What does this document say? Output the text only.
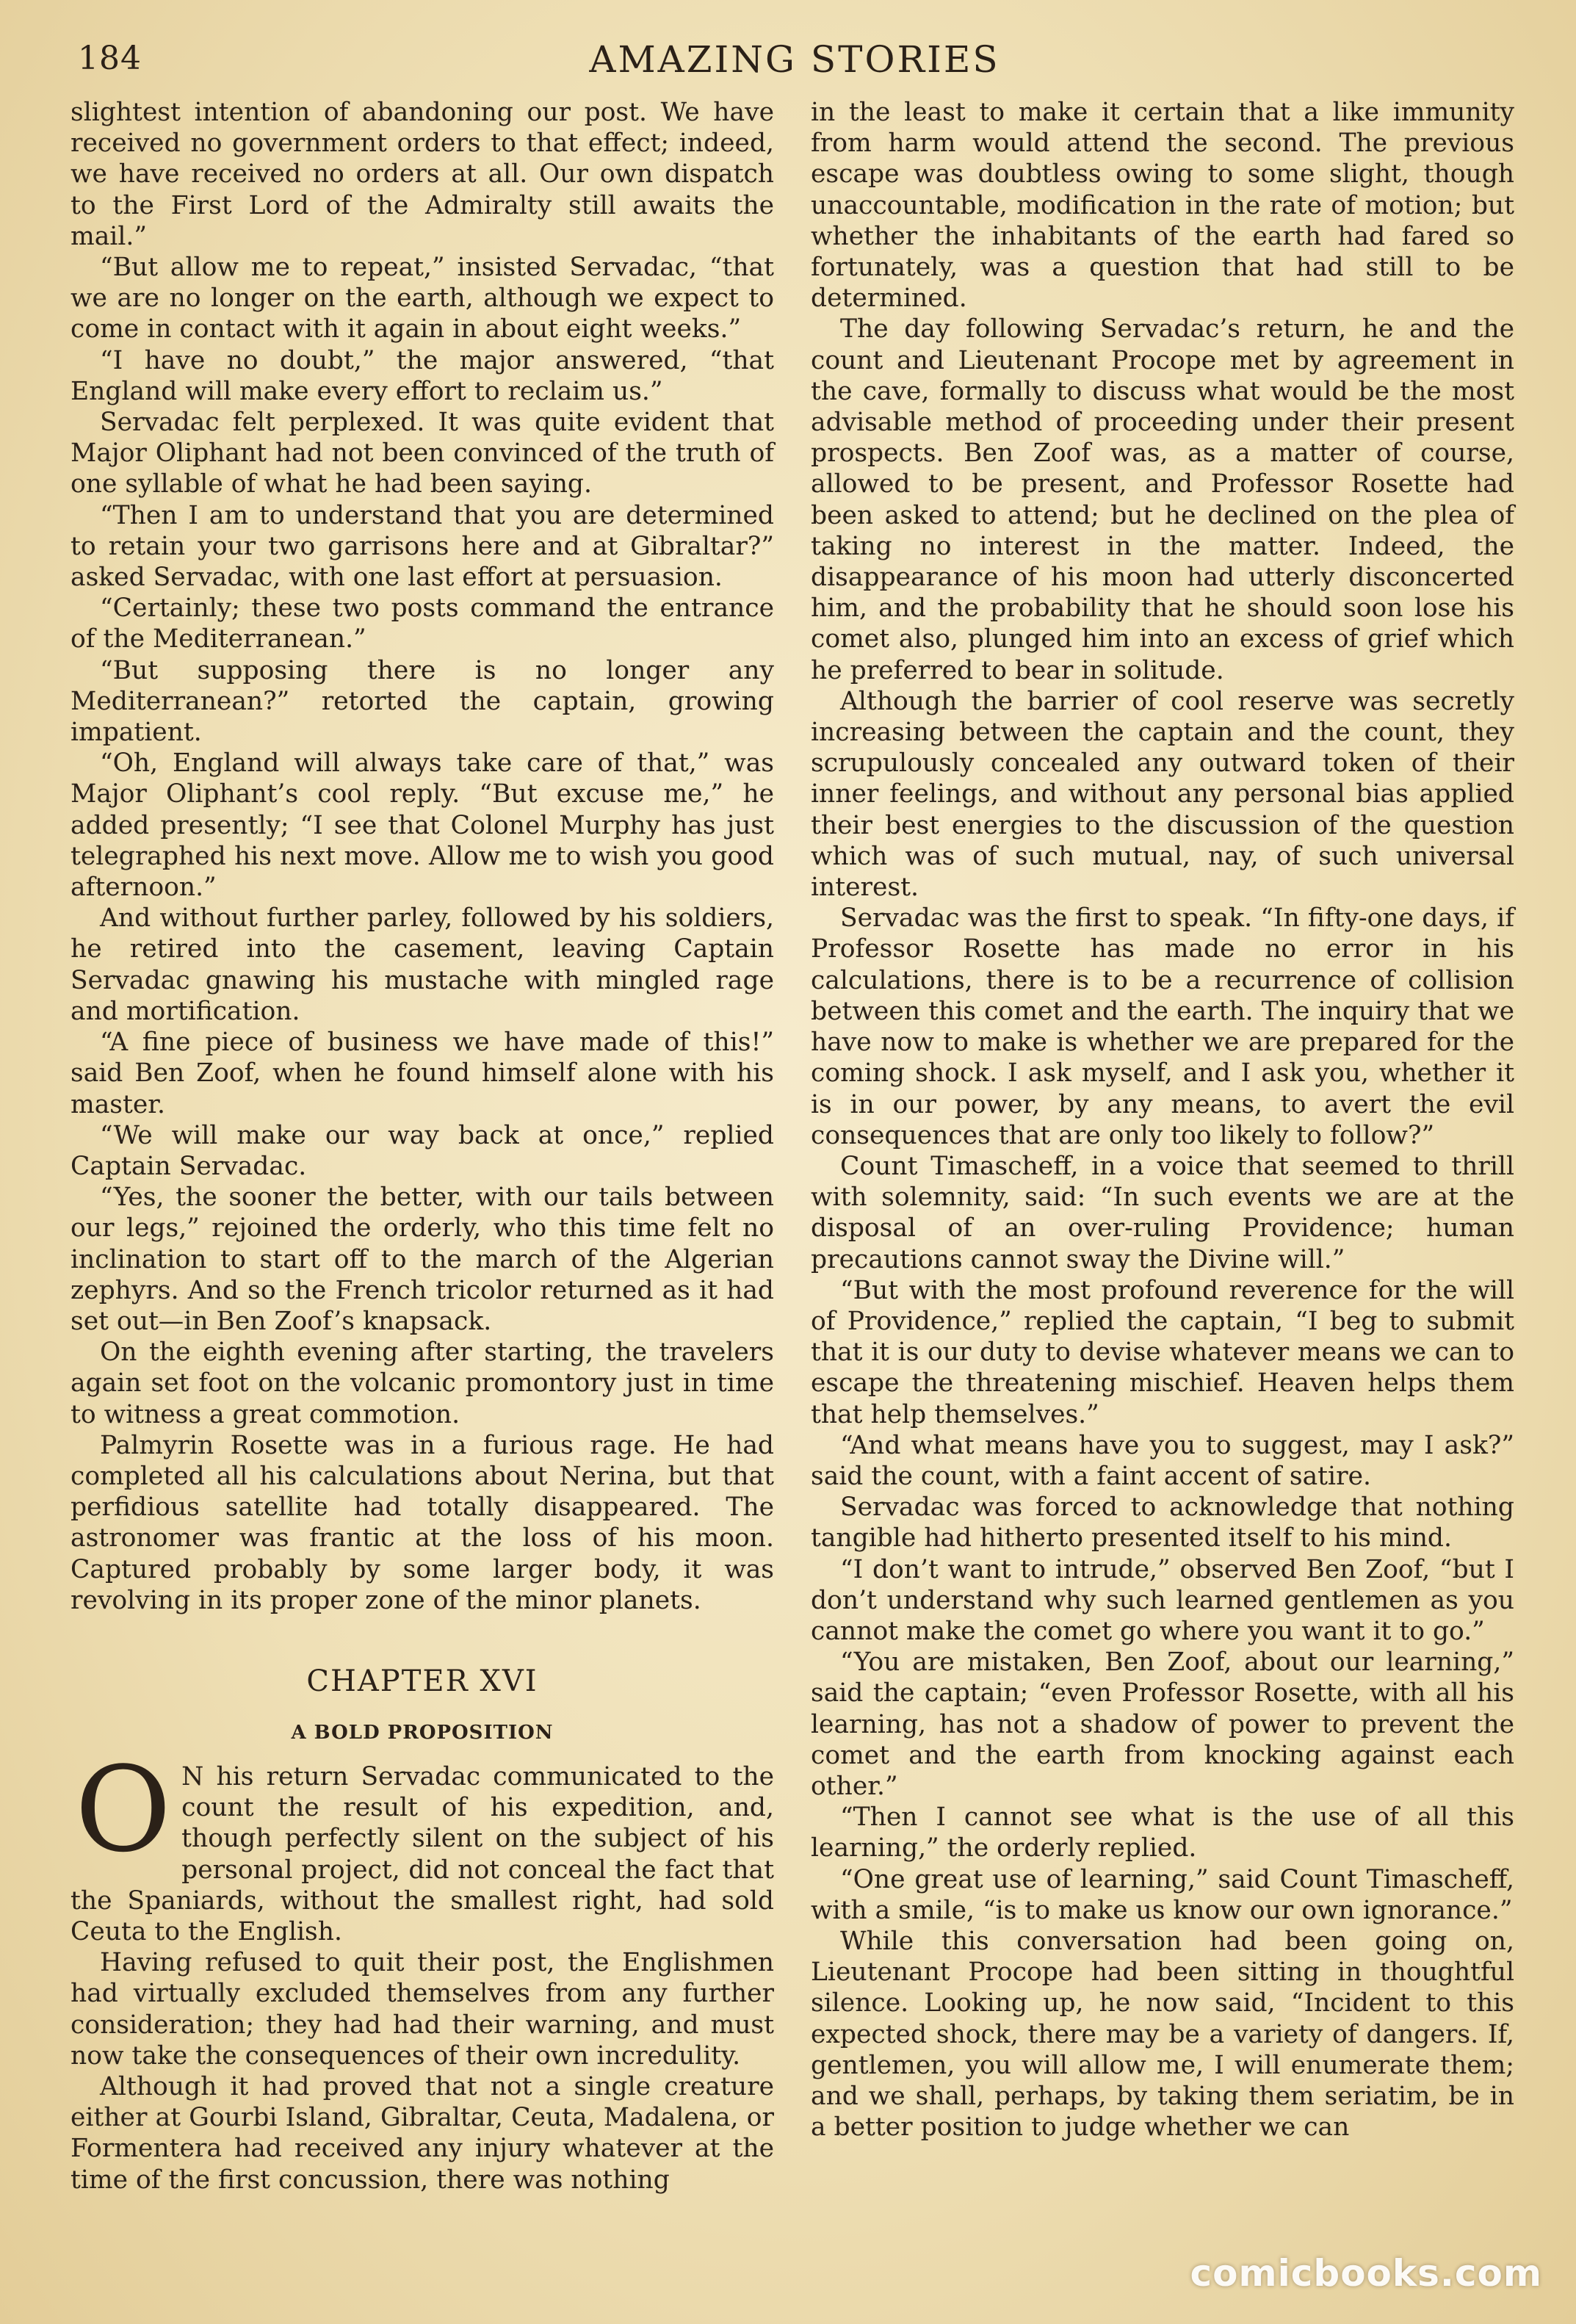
184	AMAZING STORIES

slightest intention of abandoning our post. We have received no government orders to that effect; indeed, we have received no orders at all. Our own dispatch to the First Lord of the Admiralty still awaits the mail.”

“But allow me to repeat,” insisted Servadac, “that we are no longer on the earth, although we expect to come in contact with it again in about eight weeks.”

“I have no doubt,” the major answered, “that England will make every effort to reclaim us.”

Servadac felt perplexed. It was quite evident that Major Oliphant had not been convinced of the truth of one syllable of what he had been saying.

“Then I am to understand that you are determined to retain your two garrisons here and at Gibraltar?” asked Servadac, with one last effort at persuasion.

“Certainly; these two posts command the entrance of the Mediterranean.”

“But supposing there is no longer any Mediterranean?” retorted the captain, growing impatient.

“Oh, England will always take care of that,” was Major Oliphant’s cool reply. “But excuse me,” he added presently; “I see that Colonel Murphy has just telegraphed his next move. Allow me to wish you good afternoon.”

And without further parley, followed by his soldiers, he retired into the casement, leaving Captain Servadac gnawing his mustache with mingled rage and mortification.

“A fine piece of business we have made of this!” said Ben Zoof, when he found himself alone with his master.

“We will make our way back at once,” replied Captain Servadac.

“Yes, the sooner the better, with our tails between our legs,” rejoined the orderly, who this time felt no inclination to start off to the march of the Algerian zephyrs. And so the French tricolor returned as it had set out—in Ben Zoof’s knapsack.

On the eighth evening after starting, the travelers again set foot on the volcanic promontory just in time to witness a great commotion.

Palmyrin Rosette was in a furious rage. He had completed all his calculations about Nerina, but that perfidious satellite had totally disappeared. The astronomer was frantic at the loss of his moon. Captured probably by some larger body, it was revolving in its proper zone of the minor planets.

CHAPTER XVI
A BOLD PROPOSITION

O N his return Servadac communicated to the count the result of his expedition, and, though perfectly silent on the subject of his personal project, did not conceal the fact that the Spaniards, without the smallest right, had sold Ceuta to the English.

Having refused to quit their post, the Englishmen had virtually excluded themselves from any further consideration; they had had their warning, and must now take the consequences of their own incredulity.

Although it had proved that not a single creature either at Gourbi Island, Gibraltar, Ceuta, Madalena, or Formentera had received any injury whatever at the time of the first concussion, there was nothing

in the least to make it certain that a like immunity from harm would attend the second. The previous escape was doubtless owing to some slight, though unaccountable, modification in the rate of motion; but whether the inhabitants of the earth had fared so fortunately, was a question that had still to be determined.

The day following Servadac’s return, he and the count and Lieutenant Procope met by agreement in the cave, formally to discuss what would be the most advisable method of proceeding under their present prospects. Ben Zoof was, as a matter of course, allowed to be present, and Professor Rosette had been asked to attend; but he declined on the plea of taking no interest in the matter. Indeed, the disappearance of his moon had utterly disconcerted him, and the probability that he should soon lose his comet also, plunged him into an excess of grief which he preferred to bear in solitude.

Although the barrier of cool reserve was secretly increasing between the captain and the count, they scrupulously concealed any outward token of their inner feelings, and without any personal bias applied their best energies to the discussion of the question which was of such mutual, nay, of such universal interest.

Servadac was the first to speak. “In fifty-one days, if Professor Rosette has made no error in his calculations, there is to be a recurrence of collision between this comet and the earth. The inquiry that we have now to make is whether we are prepared for the coming shock. I ask myself, and I ask you, whether it is in our power, by any means, to avert the evil consequences that are only too likely to follow?”

Count Timascheff, in a voice that seemed to thrill with solemnity, said: “In such events we are at the disposal of an over-ruling Providence; human precautions cannot sway the Divine will.”

“But with the most profound reverence for the will of Providence,” replied the captain, “I beg to submit that it is our duty to devise whatever means we can to escape the threatening mischief. Heaven helps them that help themselves.”

“And what means have you to suggest, may I ask?” said the count, with a faint accent of satire.

Servadac was forced to acknowledge that nothing tangible had hitherto presented itself to his mind.

“I don’t want to intrude,” observed Ben Zoof, “but I don’t understand why such learned gentlemen as you cannot make the comet go where you want it to go.”

“You are mistaken, Ben Zoof, about our learning,” said the captain; “even Professor Rosette, with all his learning, has not a shadow of power to prevent the comet and the earth from knocking against each other.”

“Then I cannot see what is the use of all this learning,” the orderly replied.

“One great use of learning,” said Count Timascheff, with a smile, “is to make us know our own ignorance.”

While this conversation had been going on, Lieutenant Procope had been sitting in thoughtful silence. Looking up, he now said, “Incident to this expected shock, there may be a variety of dangers. If, gentlemen, you will allow me, I will enumerate them; and we shall, perhaps, by taking them seriatim, be in a better position to judge whether we can

comicbooks.com
